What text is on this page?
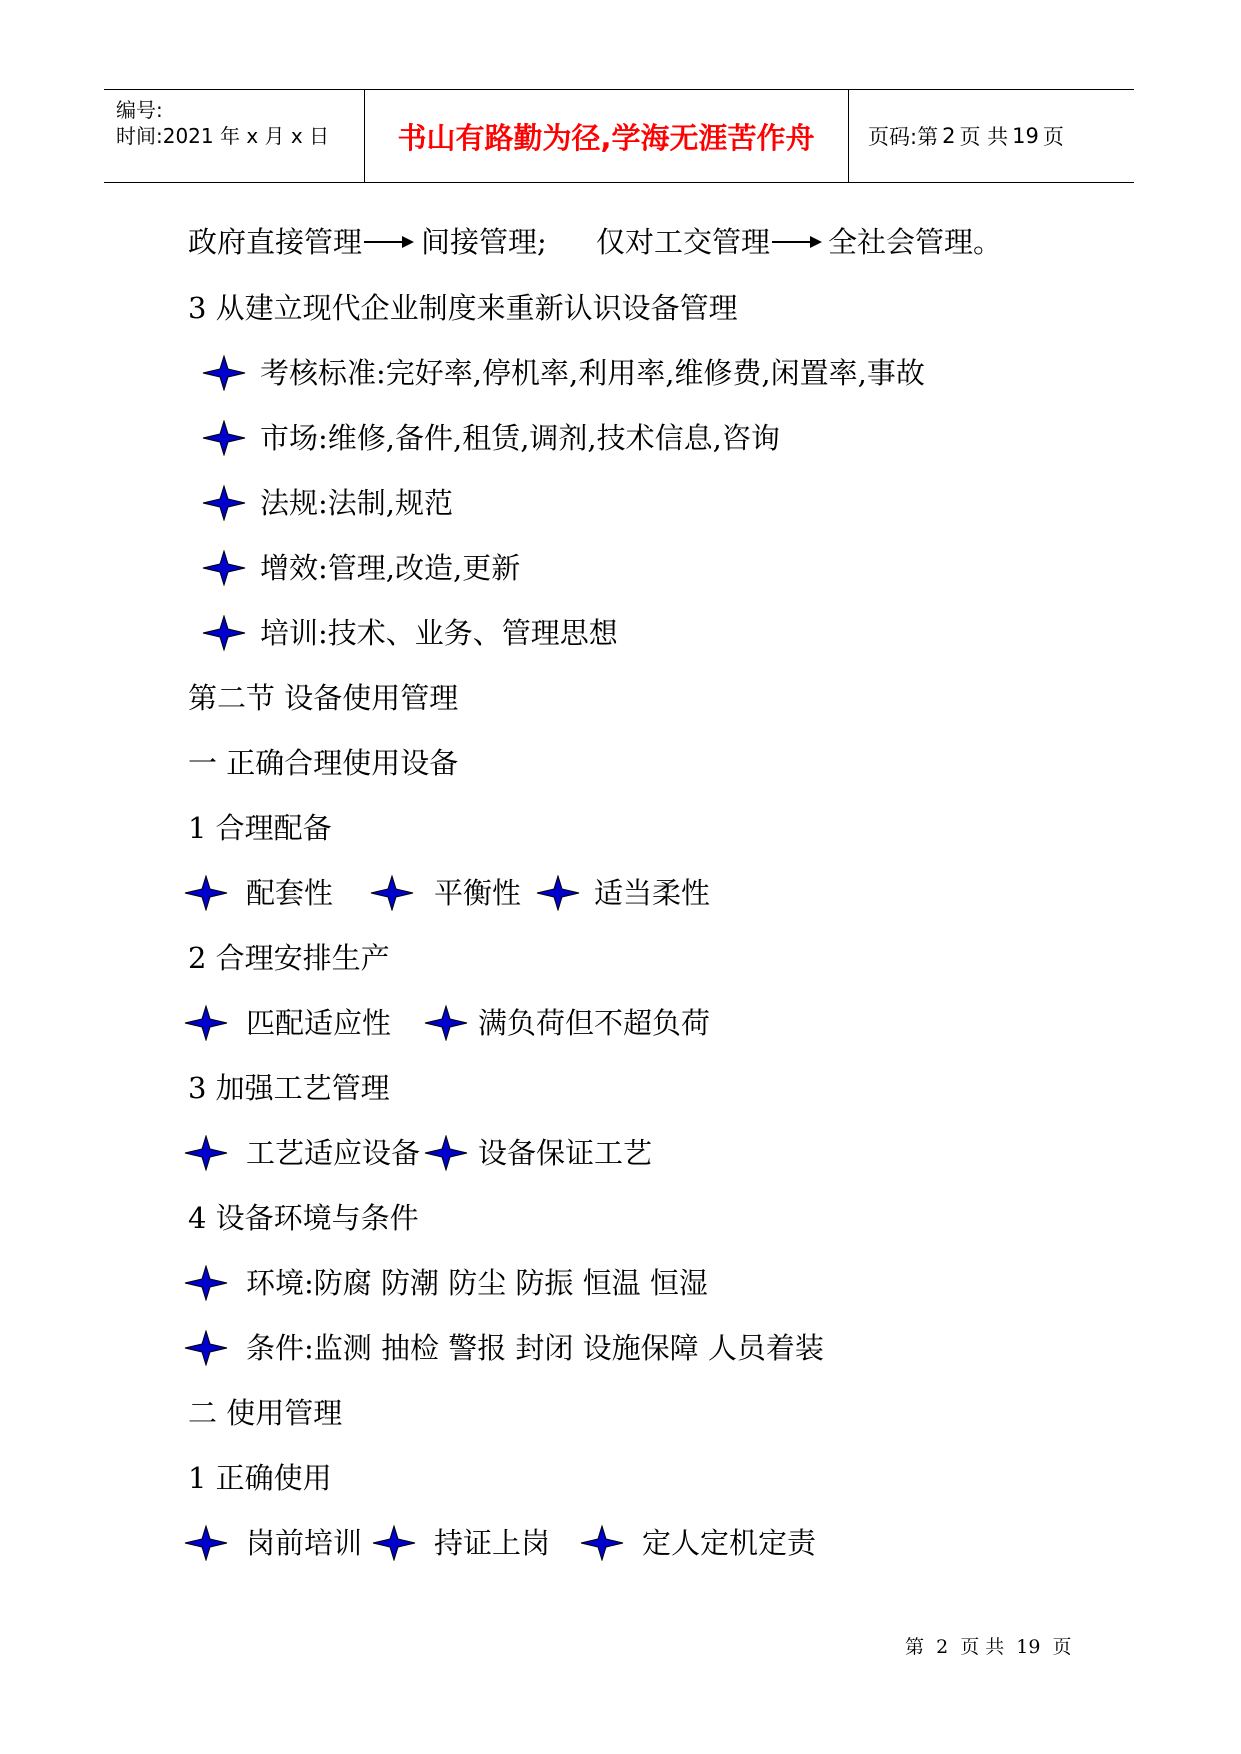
编号:
时间:2021 年 x 月 x 日 书山有路勤为径,学海无涯苦作舟	页码:第 2 页 共 19 页
政府直接管理 间接管理; 仅对工交管理 全社会管理。
3 从建立现代企业制度来重新认识设备管理
考核标准:完好率,停机率,利用率,维修费,闲置率,事故
市场:维修,备件,租赁,调剂,技术信息,咨询
法规:法制,规范
增效:管理,改造,更新
培训:技术、业务、管理思想
第二节 设备使用管理
一 正确合理使用设备
1 合理配备
配套性	平衡性	适当柔性
2 合理安排生产
匹配适应性	满负荷但不超负荷
3 加强工艺管理
工艺适应设备 设备保证工艺
4 设备环境与条件
环境:防腐 防潮 防尘 防振 恒温 恒湿
条件:监测 抽检 警报 封闭 设施保障 人员着装
二 使用管理
1 正确使用
岗前培训 持证上岗	定人定机定责
第 2 页 共 19 页
